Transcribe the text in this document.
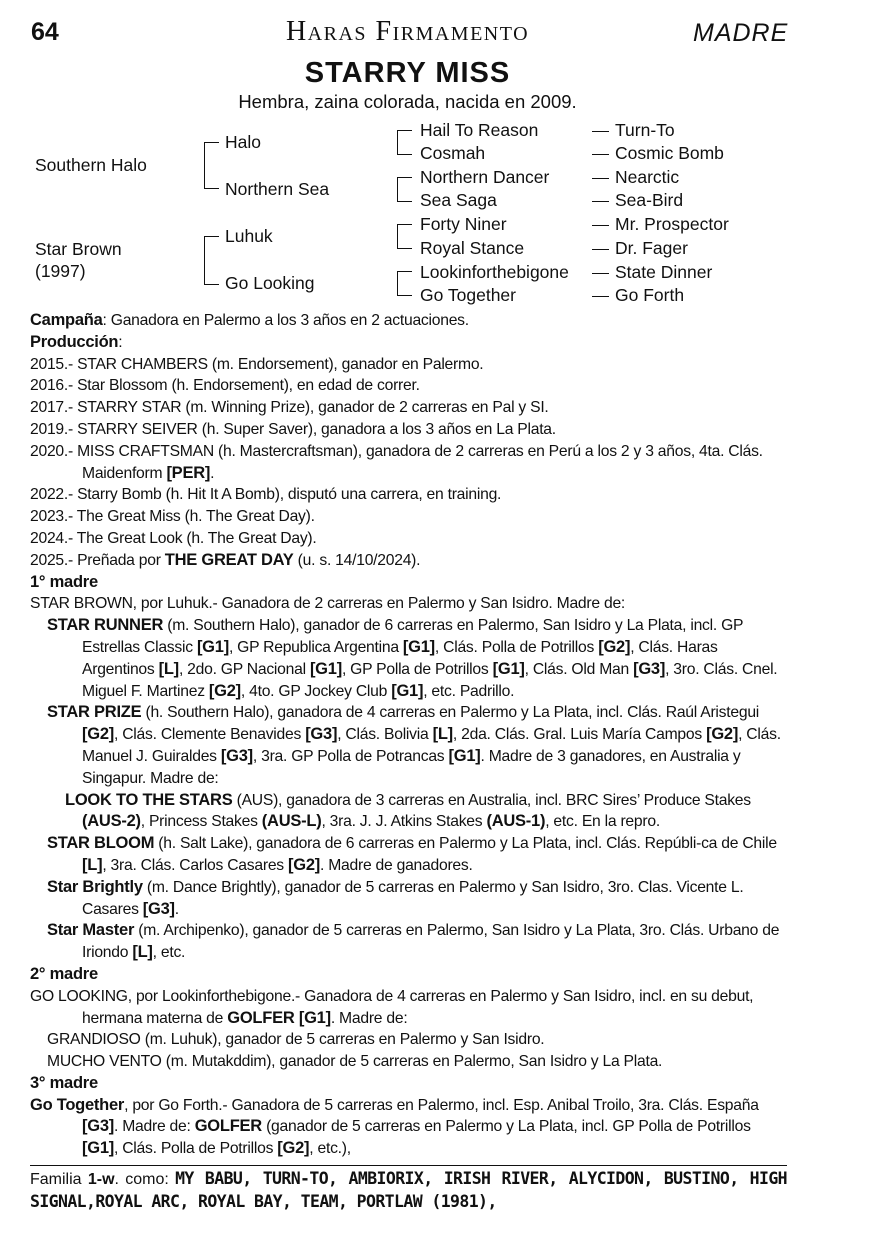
64	Haras Firmamento	MADRE
STARRY MISS
Hembra, zaina colorada, nacida en 2009.
Southern Halo
Star Brown
(1997)
Halo
Northern Sea
Luhuk
Go Looking
Hail To Reason
Cosmah
Northern Dancer
Sea Saga
Forty Niner
Royal Stance
Lookinforthebigone
Go Together
Turn-To
Cosmic Bomb
Nearctic
Sea-Bird
Mr. Prospector
Dr. Fager
State Dinner
Go Forth

Campaña: Ganadora en Palermo a los 3 años en 2 actuaciones.

Producción:

2015.- STAR CHAMBERS (m. Endorsement), ganador en Palermo.

2016.- Star Blossom (h. Endorsement), en edad de correr.

2017.- STARRY STAR (m. Winning Prize), ganador de 2 carreras en Pal y SI.

2019.- STARRY SEIVER (h. Super Saver), ganadora a los 3 años en La Plata.

2020.- MISS CRAFTSMAN (h. Mastercraftsman), ganadora de 2 carreras en Perú a los 2 y 3 años, 4ta. Clás. Maidenform [PER].

2022.- Starry Bomb (h. Hit It A Bomb), disputó una carrera, en training.

2023.- The Great Miss (h. The Great Day).

2024.- The Great Look (h. The Great Day).

2025.- Preñada por THE GREAT DAY (u. s. 14/10/2024).

1° madre

STAR BROWN, por Luhuk.- Ganadora de 2 carreras en Palermo y San Isidro. Madre de:

STAR RUNNER (m. Southern Halo), ganador de 6 carreras en Palermo, San Isidro y La Plata, incl. GP Estrellas Classic [G1], GP Republica Argentina [G1], Clás. Polla de Potrillos [G2], Clás. Haras Argentinos [L], 2do. GP Nacional [G1], GP Polla de Potrillos [G1], Clás. Old Man [G3], 3ro. Clás. Cnel. Miguel F. Martinez [G2], 4to. GP Jockey Club [G1], etc. Padrillo.

STAR PRIZE (h. Southern Halo), ganadora de 4 carreras en Palermo y La Plata, incl. Clás. Raúl Aristegui [G2], Clás. Clemente Benavides [G3], Clás. Bolivia [L], 2da. Clás. Gral. Luis María Campos [G2], Clás. Manuel J. Guiraldes [G3], 3ra. GP Polla de Potrancas [G1]. Madre de 3 ganadores, en Australia y Singapur. Madre de:

LOOK TO THE STARS (AUS), ganadora de 3 carreras en Australia, incl. BRC Sires’ Produce Stakes (AUS-2), Princess Stakes (AUS-L), 3ra. J. J. Atkins Stakes (AUS-1), etc. En la repro.

STAR BLOOM (h. Salt Lake), ganadora de 6 carreras en Palermo y La Plata, incl. Clás. Repúbli-ca de Chile [L], 3ra. Clás. Carlos Casares [G2]. Madre de ganadores.

Star Brightly (m. Dance Brightly), ganador de 5 carreras en Palermo y San Isidro, 3ro. Clas. Vicente L. Casares [G3].

Star Master (m. Archipenko), ganador de 5 carreras en Palermo, San Isidro y La Plata, 3ro. Clás. Urbano de Iriondo [L], etc.

2° madre

GO LOOKING, por Lookinforthebigone.- Ganadora de 4 carreras en Palermo y San Isidro, incl. en su debut, hermana materna de GOLFER [G1]. Madre de:

GRANDIOSO (m. Luhuk), ganador de 5 carreras en Palermo y San Isidro.

MUCHO VENTO (m. Mutakddim), ganador de 5 carreras en Palermo, San Isidro y La Plata.

3° madre

Go Together, por Go Forth.- Ganadora de 5 carreras en Palermo, incl. Esp. Anibal Troilo, 3ra. Clás. España [G3]. Madre de: GOLFER (ganador de 5 carreras en Palermo y La Plata, incl. GP Polla de Potrillos [G1], Clás. Polla de Potrillos [G2], etc.),

Familia 1-w. como: MY BABU, TURN-TO, AMBIORIX, IRISH RIVER, ALYCIDON, BUSTINO, HIGH SIGNAL,ROYAL ARC, ROYAL BAY, TEAM, PORTLAW (1981),
